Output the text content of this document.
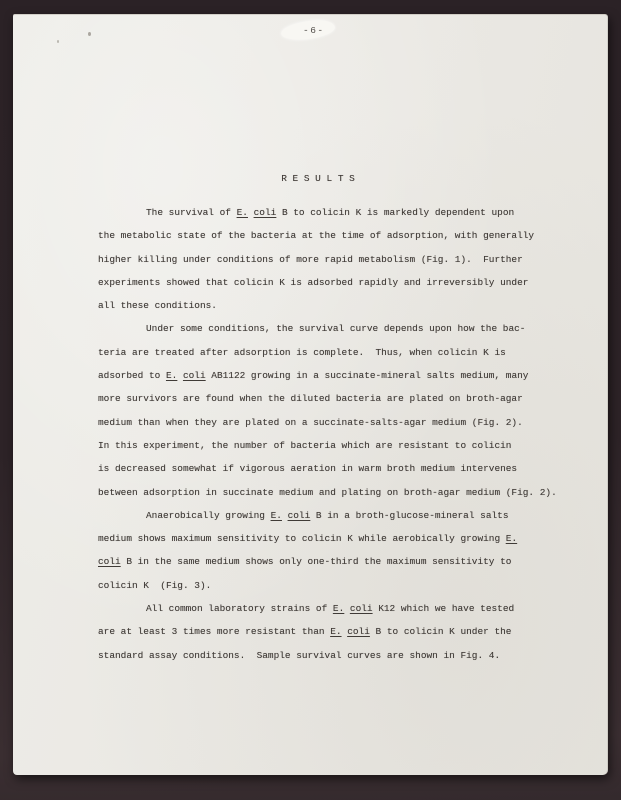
-6-
R E S U L T S
The survival of E. coli B to colicin K is markedly dependent upon
the metabolic state of the bacteria at the time of adsorption, with generally
higher killing under conditions of more rapid metabolism (Fig. 1).  Further
experiments showed that colicin K is adsorbed rapidly and irreversibly under
all these conditions.
Under some conditions, the survival curve depends upon how the bac-
teria are treated after adsorption is complete.  Thus, when colicin K is
adsorbed to E. coli AB1122 growing in a succinate-mineral salts medium, many
more survivors are found when the diluted bacteria are plated on broth-agar
medium than when they are plated on a succinate-salts-agar medium (Fig. 2).
In this experiment, the number of bacteria which are resistant to colicin
is decreased somewhat if vigorous aeration in warm broth medium intervenes
between adsorption in succinate medium and plating on broth-agar medium (Fig. 2).
Anaerobically growing E. coli B in a broth-glucose-mineral salts
medium shows maximum sensitivity to colicin K while aerobically growing E.
coli B in the same medium shows only one-third the maximum sensitivity to
colicin K  (Fig. 3).
All common laboratory strains of E. coli K12 which we have tested
are at least 3 times more resistant than E. coli B to colicin K under the
standard assay conditions.  Sample survival curves are shown in Fig. 4.
